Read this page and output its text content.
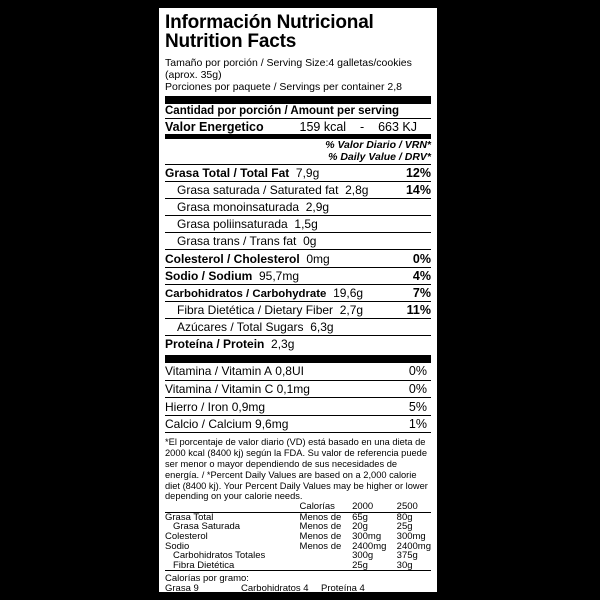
Información Nutricional
Nutrition Facts
Tamaño por porción / Serving Size:4 galletas/cookies (aprox. 35g)
Porciones por paquete / Servings per container 2,8
Cantidad por porción / Amount per serving
Valor Energetico	159 kcal - 663 KJ
% Valor Diario / VRN*
% Daily Value / DRV*
Grasa Total / Total Fat 7,9g	12%
Grasa saturada / Saturated fat 2,8g	14%
Grasa monoinsaturada 2,9g
Grasa poliinsaturada 1,5g
Grasa trans / Trans fat 0g
Colesterol / Cholesterol 0mg	0%
Sodio / Sodium 95,7mg	4%
Carbohidratos / Carbohydrate 19,6g	7%
Fibra Dietética / Dietary Fiber 2,7g	11%
Azúcares / Total Sugars 6,3g
Proteína / Protein 2,3g
Vitamina / Vitamin A 0,8UI	0%
Vitamina / Vitamin C 0,1mg	0%
Hierro / Iron 0,9mg	5%
Calcio / Calcium 9,6mg	1%
*El porcentaje de valor diario (VD) está basado en una dieta de 2000 kcal (8400 kj) según la FDA. Su valor de referencia puede ser menor o mayor dependiendo de sus necesidades de energía. / *Percent Daily Values are based on a 2,000 calorie diet (8400 kj). Your Percent Daily Values may be higher or lower depending on your calorie needs.
	Calorías	2000	2500
Grasa Total	Menos de	65g	80g
Grasa Saturada	Menos de	20g	25g
Colesterol	Menos de	300mg	300mg
Sodio	Menos de	2400mg	2400mg
Carbohidratos Totales		300g	375g
Fibra Dietética		25g	30g
Calorías por gramo:
Grasa 9	Carbohidratos 4	Proteína 4
